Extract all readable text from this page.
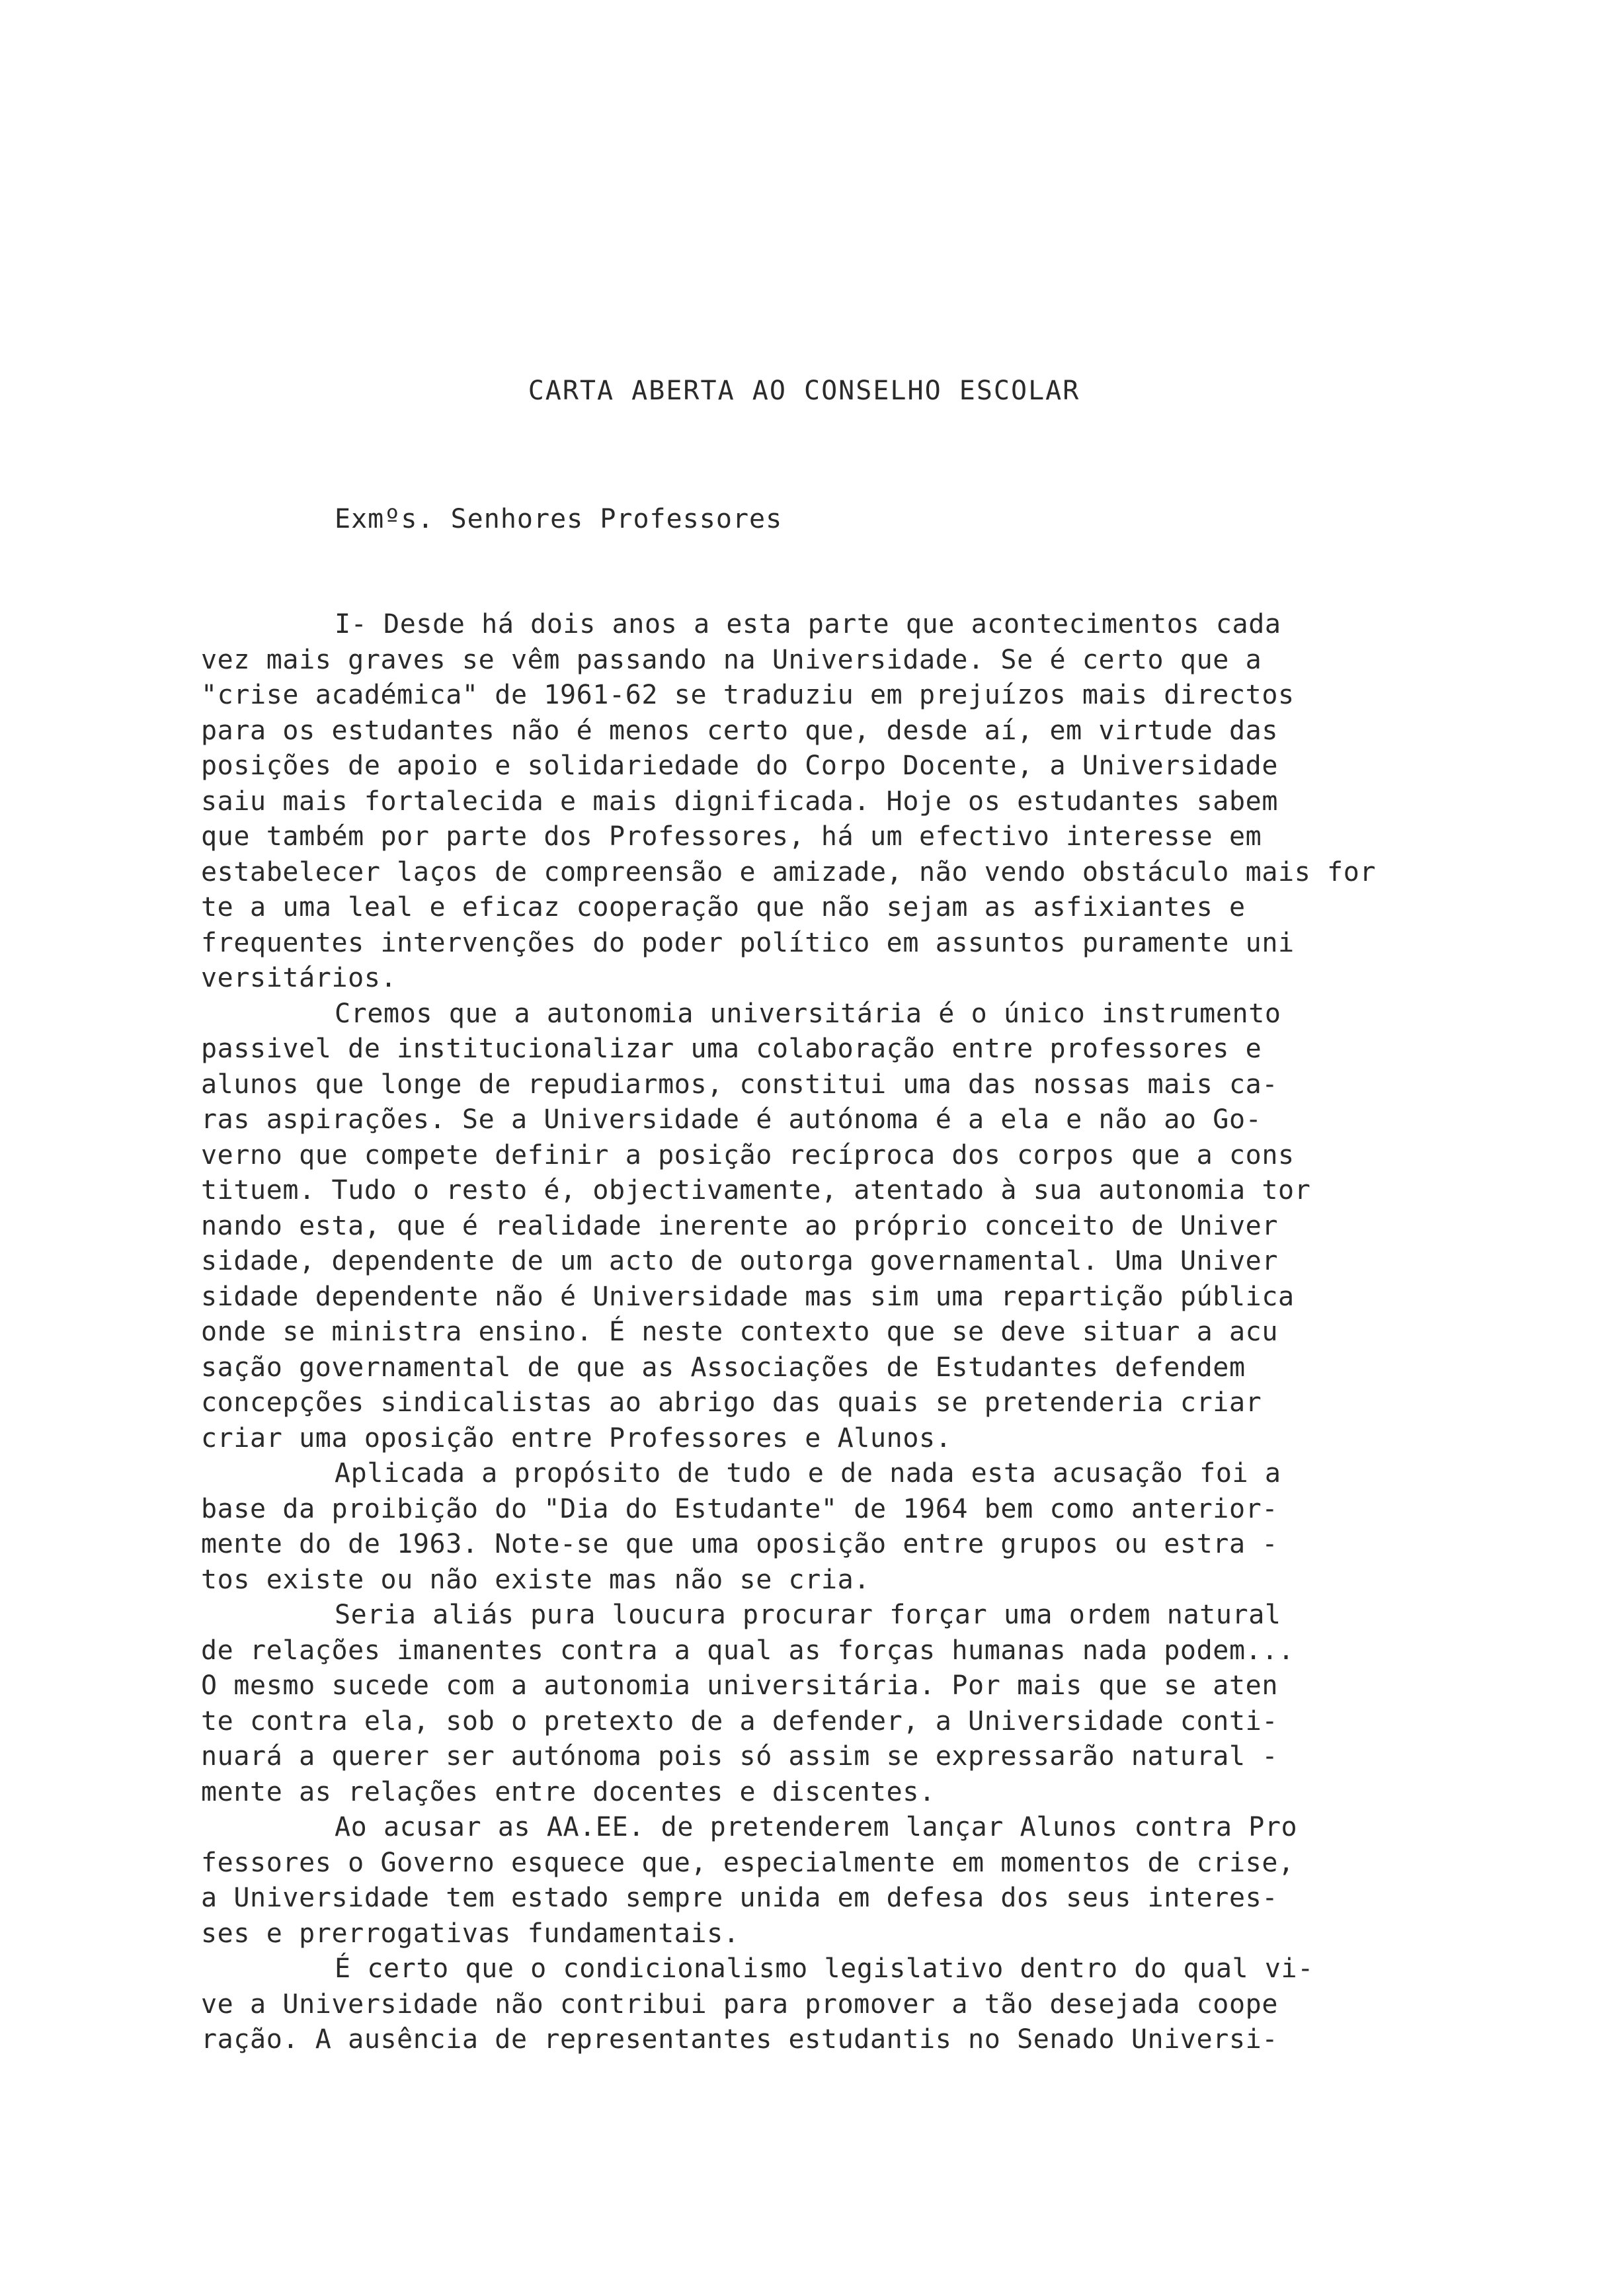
CARTA ABERTA AO CONSELHO ESCOLAR
Exmºs. Senhores Professores
I- Desde há dois anos a esta parte que acontecimentos cada
vez mais graves se vêm passando na Universidade. Se é certo que a
"crise académica" de 1961-62 se traduziu em prejuízos mais directos
para os estudantes não é menos certo que, desde aí, em virtude das
posições de apoio e solidariedade do Corpo Docente, a Universidade
saiu mais fortalecida e mais dignificada. Hoje os estudantes sabem
que também por parte dos Professores, há um efectivo interesse em
estabelecer laços de compreensão e amizade, não vendo obstáculo mais for
te a uma leal e eficaz cooperação que não sejam as asfixiantes e
frequentes intervenções do poder político em assuntos puramente uni
versitários.
Cremos que a autonomia universitária é o único instrumento
passivel de institucionalizar uma colaboração entre professores e
alunos que longe de repudiarmos, constitui uma das nossas mais ca-
ras aspirações. Se a Universidade é autónoma é a ela e não ao Go-
verno que compete definir a posição recíproca dos corpos que a cons
tituem. Tudo o resto é, objectivamente, atentado à sua autonomia tor
nando esta, que é realidade inerente ao próprio conceito de Univer
sidade, dependente de um acto de outorga governamental. Uma Univer
sidade dependente não é Universidade mas sim uma repartição pública
onde se ministra ensino. É neste contexto que se deve situar a acu
sação governamental de que as Associações de Estudantes defendem
concepções sindicalistas ao abrigo das quais se pretenderia criar
criar uma oposição entre Professores e Alunos.
Aplicada a propósito de tudo e de nada esta acusação foi a
base da proibição do "Dia do Estudante" de 1964 bem como anterior-
mente do de 1963. Note-se que uma oposição entre grupos ou estra -
tos existe ou não existe mas não se cria.
Seria aliás pura loucura procurar forçar uma ordem natural
de relações imanentes contra a qual as forças humanas nada podem...
O mesmo sucede com a autonomia universitária. Por mais que se aten
te contra ela, sob o pretexto de a defender, a Universidade conti-
nuará a querer ser autónoma pois só assim se expressarão natural -
mente as relações entre docentes e discentes.
Ao acusar as AA.EE. de pretenderem lançar Alunos contra Pro
fessores o Governo esquece que, especialmente em momentos de crise,
a Universidade tem estado sempre unida em defesa dos seus interes-
ses e prerrogativas fundamentais.
É certo que o condicionalismo legislativo dentro do qual vi-
ve a Universidade não contribui para promover a tão desejada coope
ração. A ausência de representantes estudantis no Senado Universi-
